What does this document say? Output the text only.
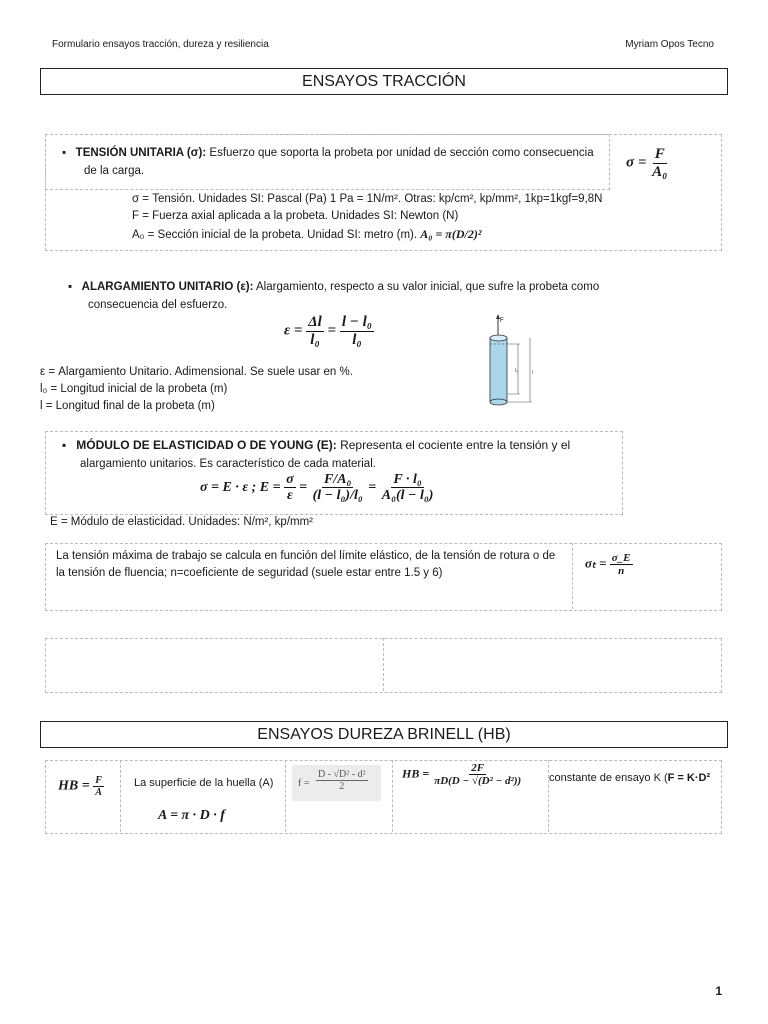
Formulario ensayos tracción, dureza y resiliencia	Myriam Opos Tecno
ENSAYOS TRACCIÓN
▪ TENSIÓN UNITARIA (σ): Esfuerzo que soporta la probeta por unidad de sección como consecuencia
de la carga.
$\sigma = \frac{F}{\text{A₀}}$
σ = Tensión. Unidades SI: Pascal (Pa) 1 Pa = 1N/m². Otras: kp/cm², kp/mm², 1kp=1kgf=9,8N
F = Fuerza axial aplicada a la probeta. Unidades SI: Newton (N)
A₀ = Sección inicial de la probeta. Unidad SI: metro (m). A₀ = π(D/2)²
▪ ALARGAMIENTO UNITARIO (ε): Alargamiento, respecto a su valor inicial, que sufre la probeta como
consecuencia del esfuerzo.
$\varepsilon = \frac{\Delta l}{\text{l₀}} = \frac{\text{l − l₀}}{\text{l₀}}$	F
l₀	l
ε = Alargamiento Unitario. Adimensional. Se suele usar en %.
l₀ = Longitud inicial de la probeta (m)
l = Longitud final de la probeta (m)
▪ MÓDULO DE ELASTICIDAD O DE YOUNG (E): Representa el cociente entre la tensión y el
alargamiento unitarios. Es característico de cada material.
σ = E · ε ; $E = \frac{\sigma}{\varepsilon} = \frac{\text{F/A₀}}{\text{(l − l₀)/l₀}} = \frac{\text{F · l₀}}{\text{A₀(l − l₀)}}$
E = Módulo de elasticidad. Unidades: N/m², kp/mm²
La tensión máxima de trabajo se calcula en función del límite elástico, de la tensión de rotura o de
la tensión de fluencia; n=coeficiente de seguridad (suele estar entre 1.5 y 6)
$\sigma_t = \frac{\sigma\_E}{n}$
ENSAYOS DUREZA BRINELL (HB)
HB = $\frac{F}{A}$	La superficie de la huella (A)
A = π · D · f
$f = \frac{\text{D - √D² - d²}}{2}$	HB = $\frac{2F}{\text{πD(D − √(D² − d²))}}$ constante de ensayo K (F = K·D²
1
